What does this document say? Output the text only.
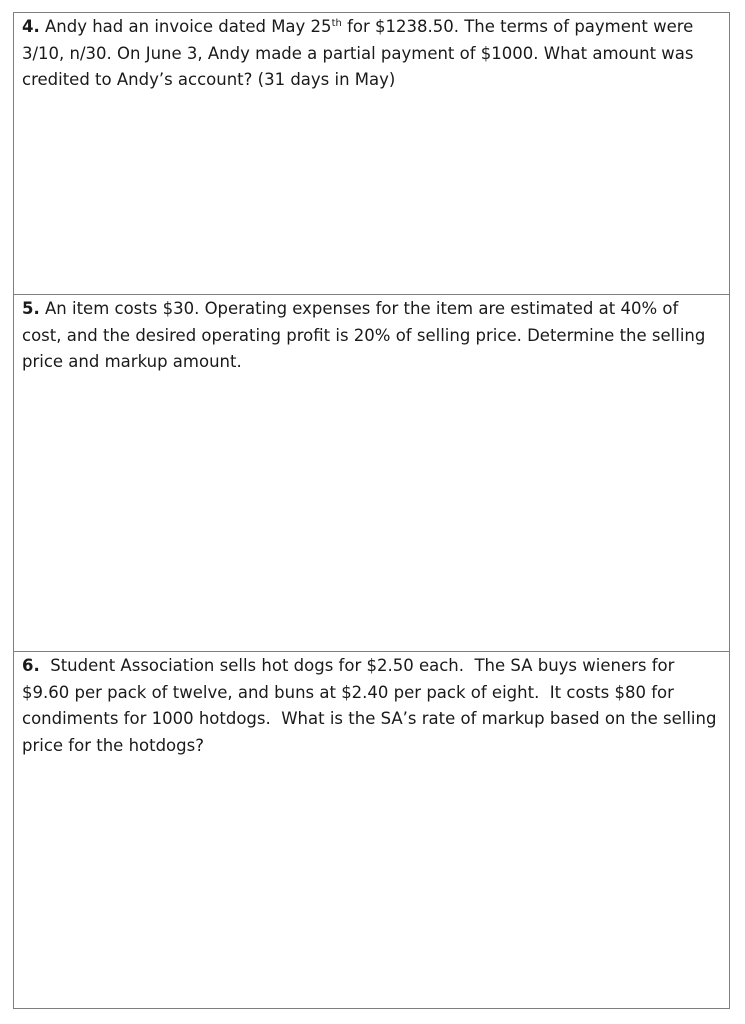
4. Andy had an invoice dated May 25th for $1238.50. The terms of payment were 3/10, n/30. On June 3, Andy made a partial payment of $1000. What amount was credited to Andy’s account? (31 days in May)

5. An item costs $30. Operating expenses for the item are estimated at 40% of cost, and the desired operating profit is 20% of selling price. Determine the selling price and markup amount.

6.  Student Association sells hot dogs for $2.50 each.  The SA buys wieners for $9.60 per pack of twelve, and buns at $2.40 per pack of eight.  It costs $80 for condiments for 1000 hotdogs.  What is the SA’s rate of markup based on the selling price for the hotdogs?
